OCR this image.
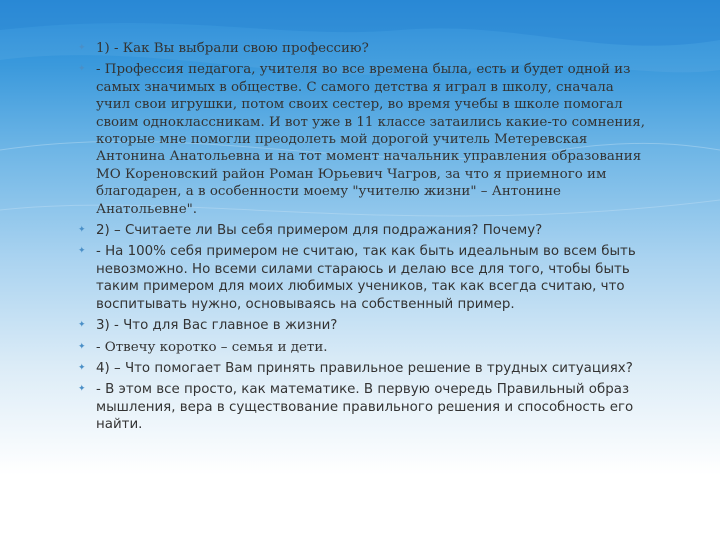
✦ 1) - Как Вы выбрали свою профессию?
✦ - Профессия педагога, учителя во все времена была, есть и будет одной из самых значимых в обществе. С самого детства я играл в школу, сначала учил свои игрушки, потом своих сестер, во время учебы в школе помогал своим одноклассникам. И вот уже в 11 классе затаились какие-то сомнения, которые мне помогли преодолеть мой дорогой учитель Метеревская Антонина Анатольевна и на тот момент начальник управления образования МО Кореновский район Роман Юрьевич Чагров, за что я приемного им благодарен, а в особенности моему "учителю жизни" – Антонине Анатольевне".
✦ 2) – Считаете ли Вы себя примером для подражания? Почему?
✦ - На 100% себя примером не считаю, так как быть идеальным во всем быть невозможно. Но всеми силами стараюсь и делаю все для того, чтобы быть таким примером для моих любимых учеников, так как всегда считаю, что воспитывать нужно, основываясь на собственный пример.
✦ 3) - Что для Вас главное в жизни?
✦ - Отвечу коротко – семья и дети.
✦ 4) – Что помогает Вам принять правильное решение в трудных ситуациях?
✦ - В этом все просто, как математике. В первую очередь Правильный образ мышления, вера в существование правильного решения и способность его найти.
